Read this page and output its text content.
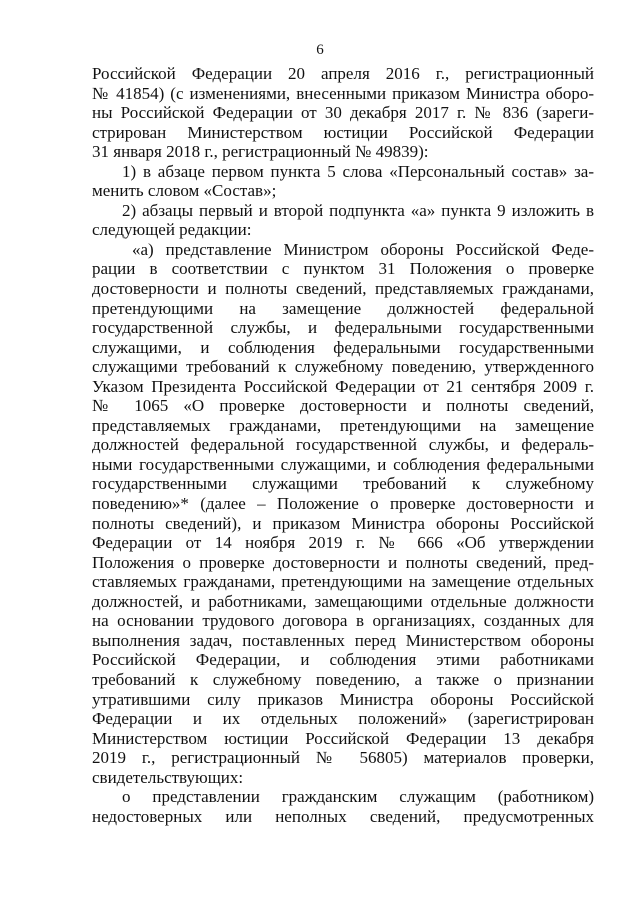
6
Российской Федерации 20 апреля 2016 г., регистрационный
№ 41854) (с изменениями, внесенными приказом Министра оборо-
ны Российской Федерации от 30 декабря 2017 г. № 836 (зареги-
стрирован Министерством юстиции Российской Федерации
31 января 2018 г., регистрационный № 49839):
1) в абзаце первом пункта 5 слова «Персональный состав» за-
менить словом «Состав»;
2) абзацы первый и второй подпункта «а» пункта 9 изложить в
следующей редакции:
«а) представление Министром обороны Российской Феде-
рации в соответствии с пунктом 31 Положения о проверке
достоверности и полноты сведений, представляемых гражданами,
претендующими на замещение должностей федеральной
государственной службы, и федеральными государственными
служащими, и соблюдения федеральными государственными
служащими требований к служебному поведению, утвержденного
Указом Президента Российской Федерации от 21 сентября 2009 г.
№ 1065 «О проверке достоверности и полноты сведений,
представляемых гражданами, претендующими на замещение
должностей федеральной государственной службы, и федераль-
ными государственными служащими, и соблюдения федеральными
государственными служащими требований к служебному
поведению»* (далее – Положение о проверке достоверности и
полноты сведений), и приказом Министра обороны Российской
Федерации от 14 ноября 2019 г. № 666 «Об утверждении
Положения о проверке достоверности и полноты сведений, пред-
ставляемых гражданами, претендующими на замещение отдельных
должностей, и работниками, замещающими отдельные должности
на основании трудового договора в организациях, созданных для
выполнения задач, поставленных перед Министерством обороны
Российской Федерации, и соблюдения этими работниками
требований к служебному поведению, а также о признании
утратившими силу приказов Министра обороны Российской
Федерации и их отдельных положений» (зарегистрирован
Министерством юстиции Российской Федерации 13 декабря
2019 г., регистрационный № 56805) материалов проверки,
свидетельствующих:
о представлении гражданским служащим (работником)
недостоверных или неполных сведений, предусмотренных
